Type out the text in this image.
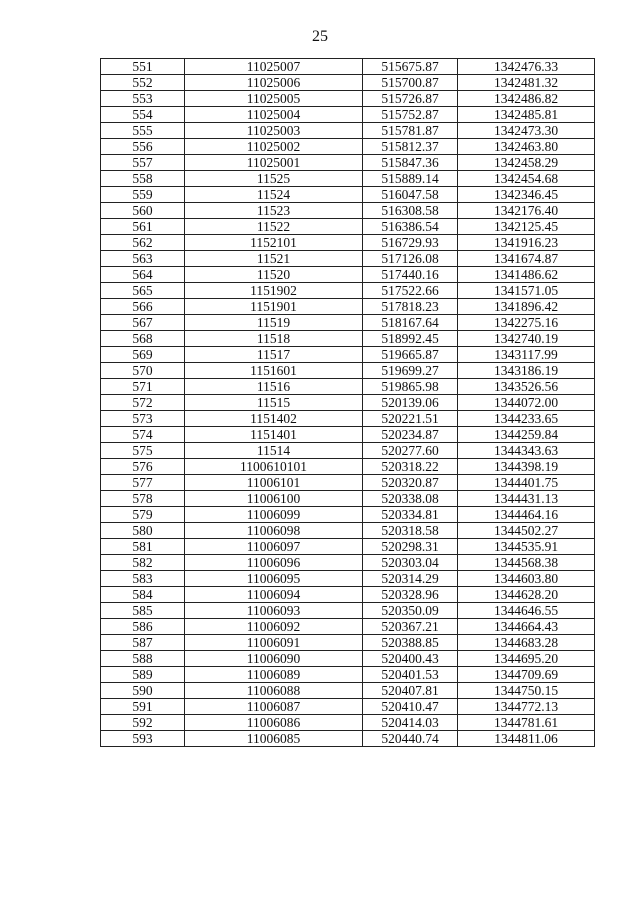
25
551	11025007	515675.87	1342476.33
552	11025006	515700.87	1342481.32
553	11025005	515726.87	1342486.82
554	11025004	515752.87	1342485.81
555	11025003	515781.87	1342473.30
556	11025002	515812.37	1342463.80
557	11025001	515847.36	1342458.29
558	11525	515889.14	1342454.68
559	11524	516047.58	1342346.45
560	11523	516308.58	1342176.40
561	11522	516386.54	1342125.45
562	1152101	516729.93	1341916.23
563	11521	517126.08	1341674.87
564	11520	517440.16	1341486.62
565	1151902	517522.66	1341571.05
566	1151901	517818.23	1341896.42
567	11519	518167.64	1342275.16
568	11518	518992.45	1342740.19
569	11517	519665.87	1343117.99
570	1151601	519699.27	1343186.19
571	11516	519865.98	1343526.56
572	11515	520139.06	1344072.00
573	1151402	520221.51	1344233.65
574	1151401	520234.87	1344259.84
575	11514	520277.60	1344343.63
576	1100610101	520318.22	1344398.19
577	11006101	520320.87	1344401.75
578	11006100	520338.08	1344431.13
579	11006099	520334.81	1344464.16
580	11006098	520318.58	1344502.27
581	11006097	520298.31	1344535.91
582	11006096	520303.04	1344568.38
583	11006095	520314.29	1344603.80
584	11006094	520328.96	1344628.20
585	11006093	520350.09	1344646.55
586	11006092	520367.21	1344664.43
587	11006091	520388.85	1344683.28
588	11006090	520400.43	1344695.20
589	11006089	520401.53	1344709.69
590	11006088	520407.81	1344750.15
591	11006087	520410.47	1344772.13
592	11006086	520414.03	1344781.61
593	11006085	520440.74	1344811.06
